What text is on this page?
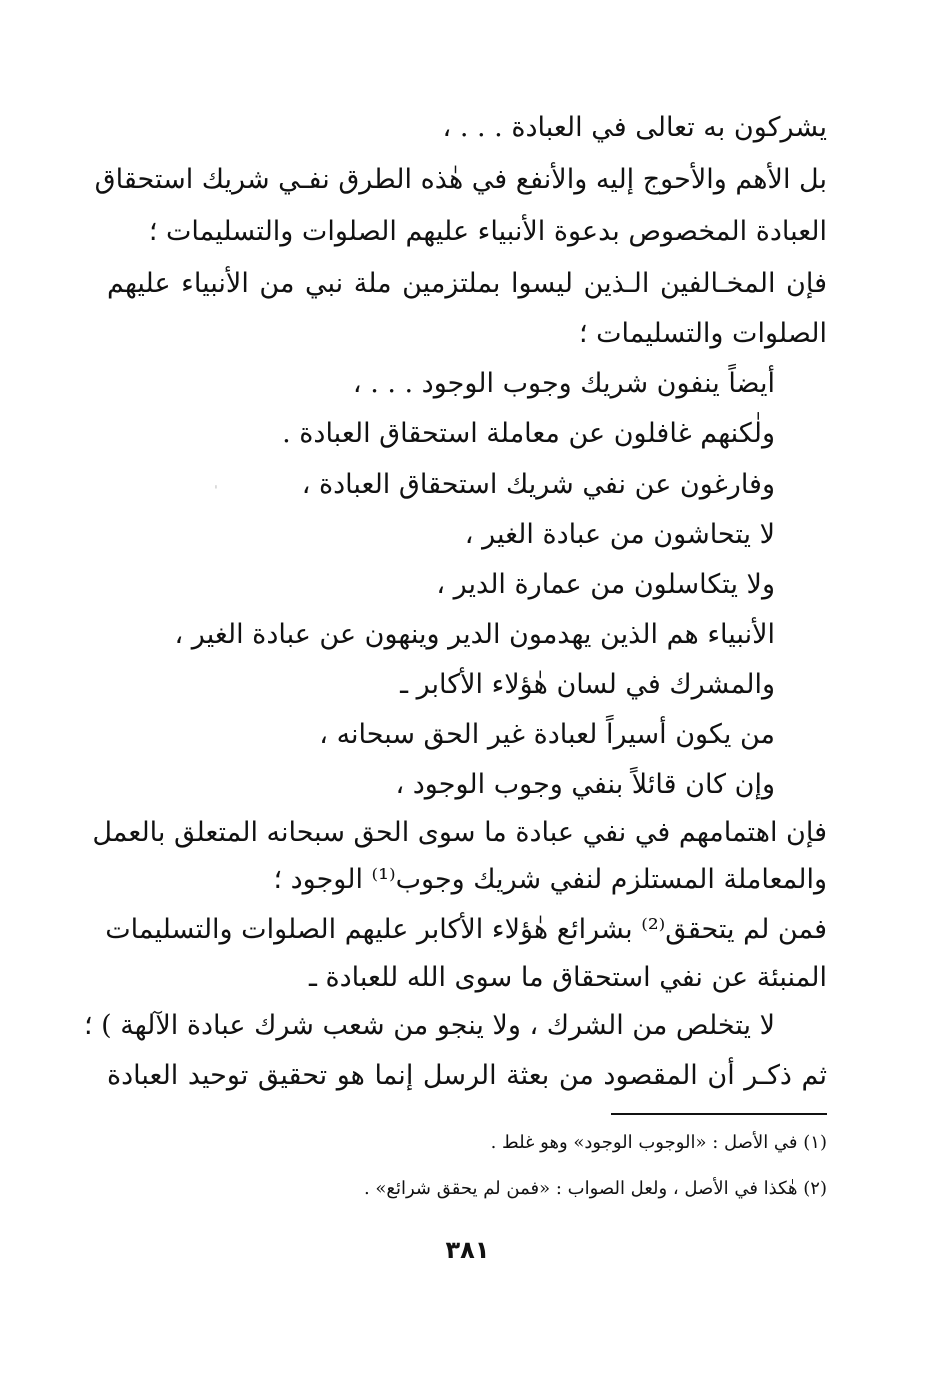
يشركون به تعالى في العبادة . . . ،
بل الأهم والأحوج إليه والأنفع في هٰذه الطرق نفـي شريك استحقاق
العبادة المخصوص بدعوة الأنبياء عليهم الصلوات والتسليمات ؛
فإن المخـالفين الـذين ليسوا بملتزمين ملة نبي من الأنبياء عليهم
الصلوات والتسليمات ؛
أيضاً ينفون شريك وجوب الوجود . . . ،
ولٰكنهم غافلون عن معاملة استحقاق العبادة .
وفارغون عن نفي شريك استحقاق العبادة ،
لا يتحاشون من عبادة الغير ،
ولا يتكاسلون من عمارة الدير ،
الأنبياء هم الذين يهدمون الدير وينهون عن عبادة الغير ،
والمشرك في لسان هٰؤلاء الأكابر ـ
من يكون أسيراً لعبادة غير الحق سبحانه ،
وإن كان قائلاً بنفي وجوب الوجود ،
فإن اهتمامهم في نفي عبادة ما سوى الحق سبحانه المتعلق بالعمل
والمعاملة المستلزم لنفي شريك وجوب⁽¹⁾ الوجود ؛
فمن لم يتحقق⁽²⁾ بشرائع هٰؤلاء الأكابر عليهم الصلوات والتسليمات
المنبئة عن نفي استحقاق ما سوى الله للعبادة ـ
لا يتخلص من الشرك ، ولا ينجو من شعب شرك عبادة الآلهة ) ؛
ثم ذكـر أن المقصود من بعثة الرسل إنما هو تحقيق توحيد العبادة
(١) في الأصل : «الوجوب الوجود» وهو غلط .
(٢) هٰكذا في الأصل ، ولعل الصواب : «فمن لم يحقق شرائع» .
٣٨١
ˈ
